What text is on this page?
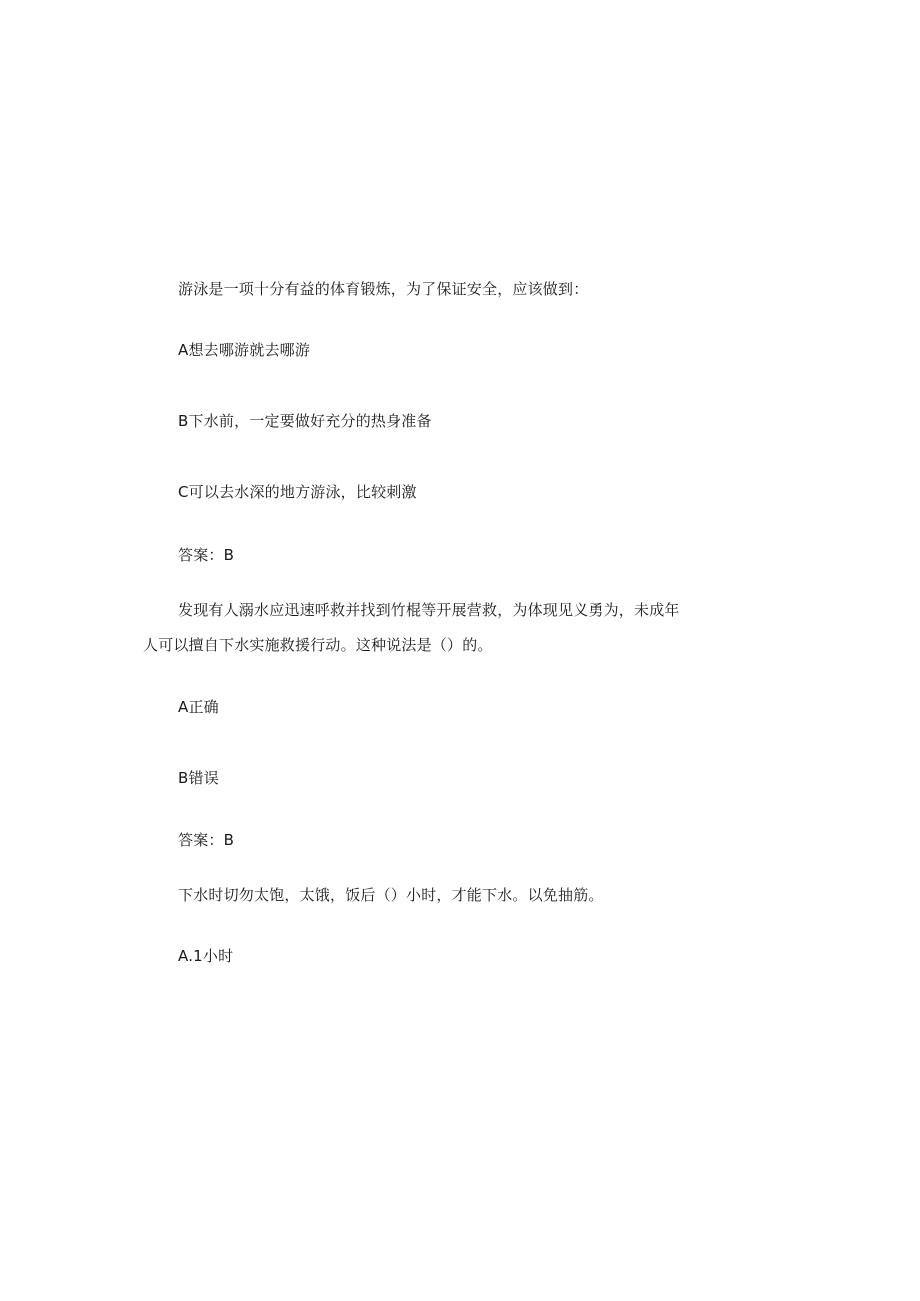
游泳是一项十分有益的体育锻炼，为了保证安全，应该做到：
A想去哪游就去哪游
B下水前，一定要做好充分的热身准备
C可以去水深的地方游泳，比较刺激
答案：B
发现有人溺水应迅速呼救并找到竹棍等开展营救，为体现见义勇为，未成年
人可以擅自下水实施救援行动。这种说法是（）的。
A正确
B错误
答案：B
下水时切勿太饱，太饿，饭后（）小时，才能下水。以免抽筋。
A.1小时
